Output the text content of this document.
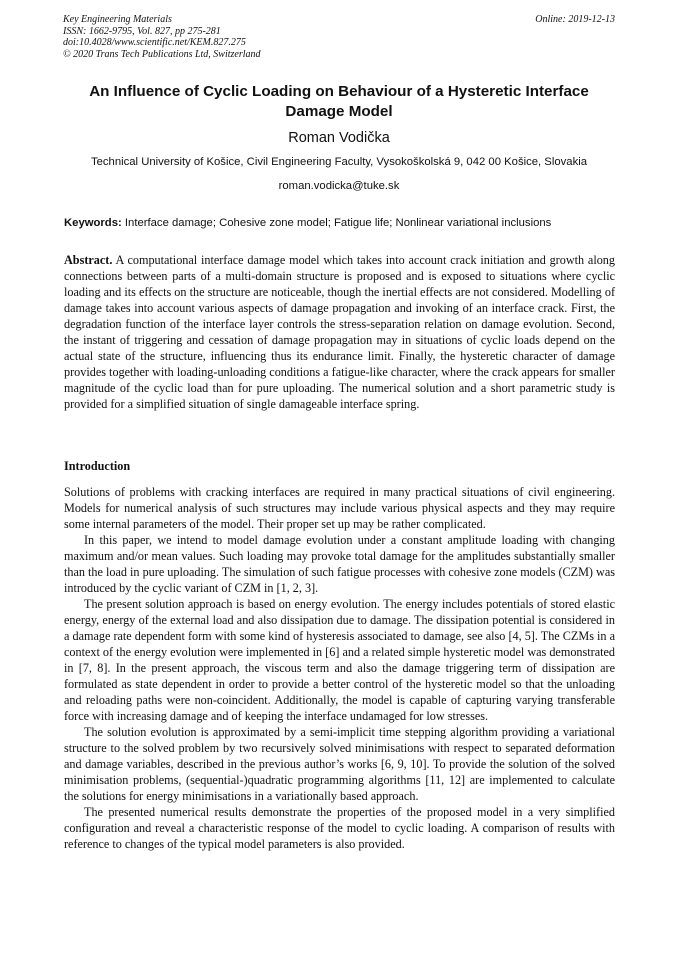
Key Engineering Materials
ISSN: 1662-9795, Vol. 827, pp 275-281
doi:10.4028/www.scientific.net/KEM.827.275
© 2020 Trans Tech Publications Ltd, Switzerland
Online: 2019-12-13
An Influence of Cyclic Loading on Behaviour of a Hysteretic Interface Damage Model
Roman Vodička
Technical University of Košice, Civil Engineering Faculty, Vysokoškolská 9, 042 00 Košice, Slovakia
roman.vodicka@tuke.sk
Keywords: Interface damage; Cohesive zone model; Fatigue life; Nonlinear variational inclusions
Abstract. A computational interface damage model which takes into account crack initiation and growth along connections between parts of a multi-domain structure is proposed and is exposed to situations where cyclic loading and its effects on the structure are noticeable, though the inertial effects are not considered. Modelling of damage takes into account various aspects of damage propagation and invoking of an interface crack. First, the degradation function of the interface layer controls the stress-separation relation on damage evolution. Second, the instant of triggering and cessation of damage propagation may in situations of cyclic loads depend on the actual state of the structure, influencing thus its endurance limit. Finally, the hysteretic character of damage provides together with loading-unloading conditions a fatigue-like character, where the crack appears for smaller magnitude of the cyclic load than for pure uploading. The numerical solution and a short parametric study is provided for a simplified situation of single damageable interface spring.
Introduction

Solutions of problems with cracking interfaces are required in many practical situations of civil engineering. Models for numerical analysis of such structures may include various physical aspects and they may require some internal parameters of the model. Their proper set up may be rather complicated.

In this paper, we intend to model damage evolution under a constant amplitude loading with changing maximum and/or mean values. Such loading may provoke total damage for the amplitudes substantially smaller than the load in pure uploading. The simulation of such fatigue processes with cohesive zone models (CZM) was introduced by the cyclic variant of CZM in [1, 2, 3].

The present solution approach is based on energy evolution. The energy includes potentials of stored elastic energy, energy of the external load and also dissipation due to damage. The dissipation potential is considered in a damage rate dependent form with some kind of hysteresis associated to damage, see also [4, 5]. The CZMs in a context of the energy evolution were implemented in [6] and a related simple hysteretic model was demonstrated in [7, 8]. In the present approach, the viscous term and also the damage triggering term of dissipation are formulated as state dependent in order to provide a better control of the hysteretic model so that the unloading and reloading paths were non-coincident. Additionally, the model is capable of capturing varying transferable force with increasing damage and of keeping the interface undamaged for low stresses.

The solution evolution is approximated by a semi-implicit time stepping algorithm providing a variational structure to the solved problem by two recursively solved minimisations with respect to separated deformation and damage variables, described in the previous author’s works [6, 9, 10]. To provide the solution of the solved minimisation problems, (sequential-)quadratic programming algorithms [11, 12] are implemented to calculate the solutions for energy minimisations in a variationally based approach.

The presented numerical results demonstrate the properties of the proposed model in a very simplified configuration and reveal a characteristic response of the model to cyclic loading. A comparison of results with reference to changes of the typical model parameters is also provided.
